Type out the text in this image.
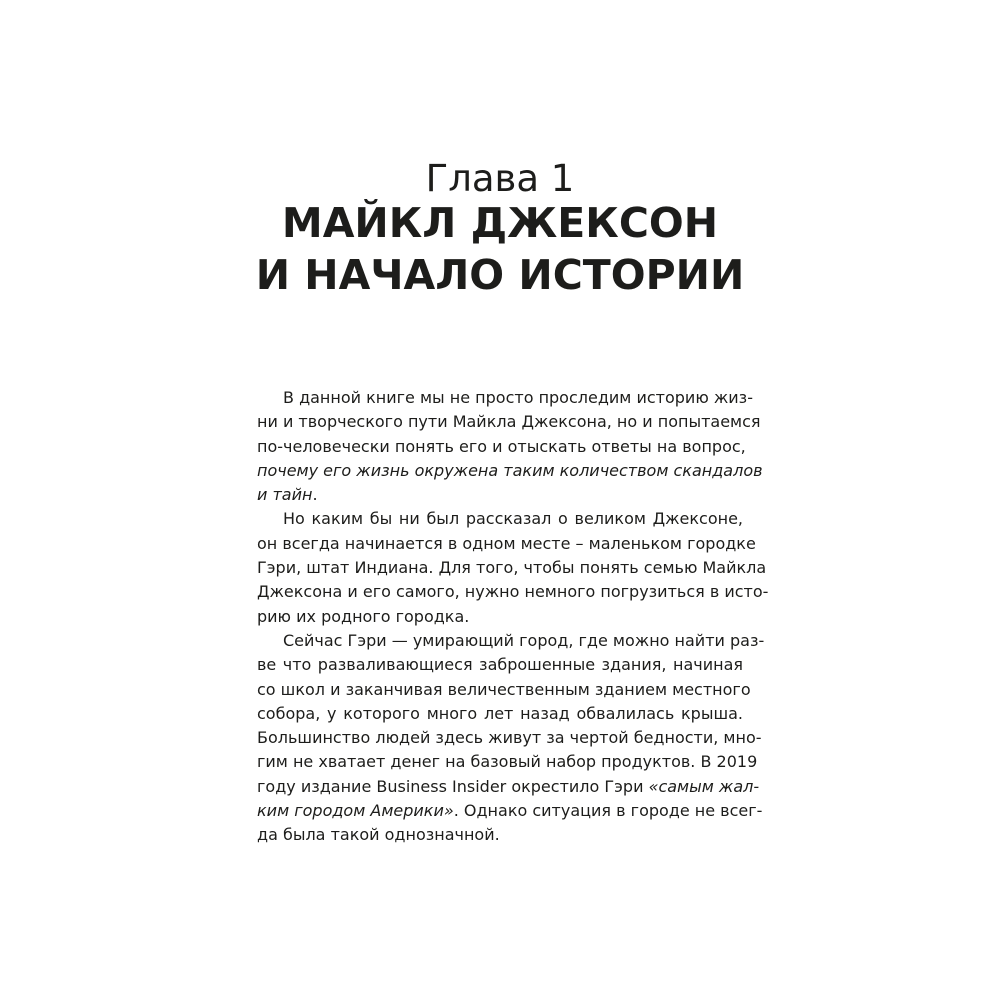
Глава 1
МАЙКЛ ДЖЕКСОН
И НАЧАЛО ИСТОРИИ
В данной книге мы не просто проследим историю жиз-
ни и творческого пути Майкла Джексона, но и попытаемся
по-человечески понять его и отыскать ответы на вопрос,
почему его жизнь окружена таким количеством скандалов
и тайн.
Но каким бы ни был рассказал о великом Джексоне,
он всегда начинается в одном месте – маленьком городке
Гэри, штат Индиана. Для того, чтобы понять семью Майкла
Джексона и его самого, нужно немного погрузиться в исто-
рию их родного городка.
Сейчас Гэри — умирающий город, где можно найти раз-
ве что разваливающиеся заброшенные здания, начиная
со школ и заканчивая величественным зданием местного
собора, у которого много лет назад обвалилась крыша.
Большинство людей здесь живут за чертой бедности, мно-
гим не хватает денег на базовый набор продуктов. В 2019
году издание Business Insider окрестило Гэри «самым жал-
ким городом Америки». Однако ситуация в городе не всег-
да была такой однозначной.
